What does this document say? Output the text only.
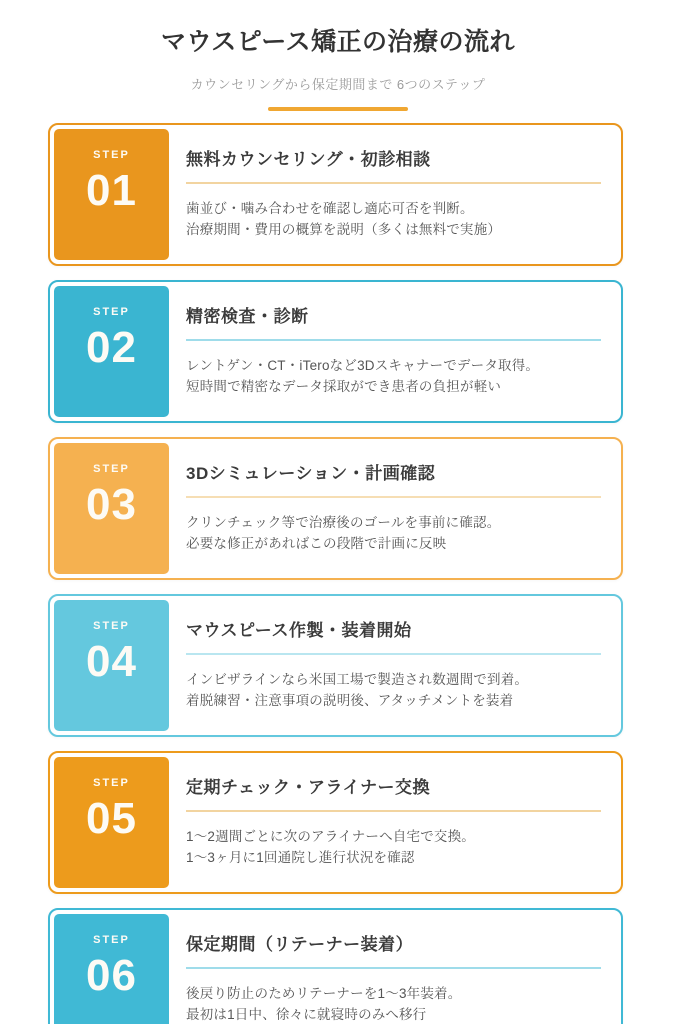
マウスピース矯正の治療の流れ
カウンセリングから保定期間まで 6つのステップ
STEP
01
無料カウンセリング・初診相談

歯並び・噛み合わせを確認し適応可否を判断。

治療期間・費用の概算を説明（多くは無料で実施）

STEP
02
精密検査・診断

レントゲン・CT・iTeroなど3Dスキャナーでデータ取得。

短時間で精密なデータ採取ができ患者の負担が軽い

STEP
03
3Dシミュレーション・計画確認

クリンチェック等で治療後のゴールを事前に確認。

必要な修正があればこの段階で計画に反映

STEP
04
マウスピース作製・装着開始

インビザラインなら米国工場で製造され数週間で到着。

着脱練習・注意事項の説明後、アタッチメントを装着

STEP
05
定期チェック・アライナー交換

1〜2週間ごとに次のアライナーへ自宅で交換。

1〜3ヶ月に1回通院し進行状況を確認

STEP
06
保定期間（リテーナー装着）

後戻り防止のためリテーナーを1〜3年装着。

最初は1日中、徐々に就寝時のみへ移行
